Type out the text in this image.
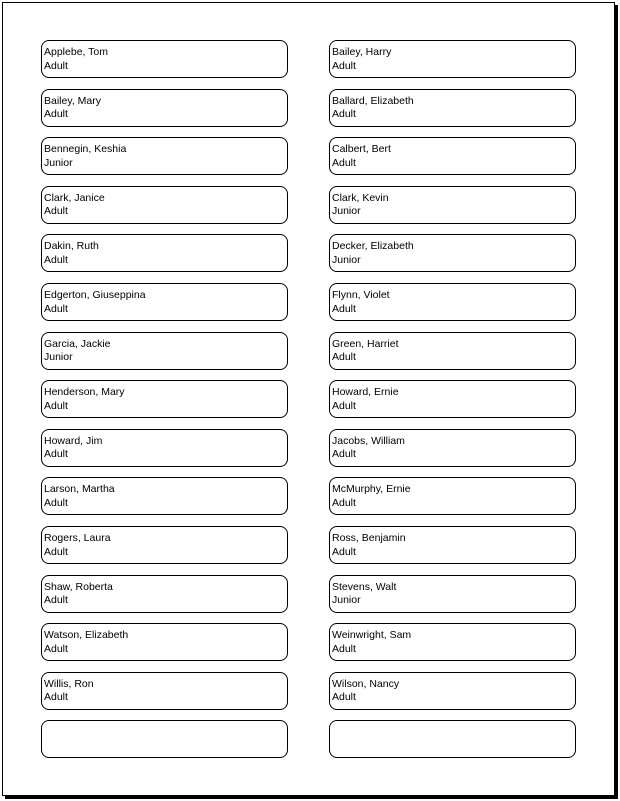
Applebe, Tom
Adult
Bailey, Harry
Adult
Bailey, Mary
Adult
Ballard, Elizabeth
Adult
Bennegin, Keshia
Junior
Calbert, Bert
Adult
Clark, Janice
Adult
Clark, Kevin
Junior
Dakin, Ruth
Adult
Decker, Elizabeth
Junior
Edgerton, Giuseppina
Adult
Flynn, Violet
Adult
Garcia, Jackie
Junior
Green, Harriet
Adult
Henderson, Mary
Adult
Howard, Ernie
Adult
Howard, Jim
Adult
Jacobs, William
Adult
Larson, Martha
Adult
McMurphy, Ernie
Adult
Rogers, Laura
Adult
Ross, Benjamin
Adult
Shaw, Roberta
Adult
Stevens, Walt
Junior
Watson, Elizabeth
Adult
Weinwright, Sam
Adult
Willis, Ron
Adult
Wilson, Nancy
Adult
